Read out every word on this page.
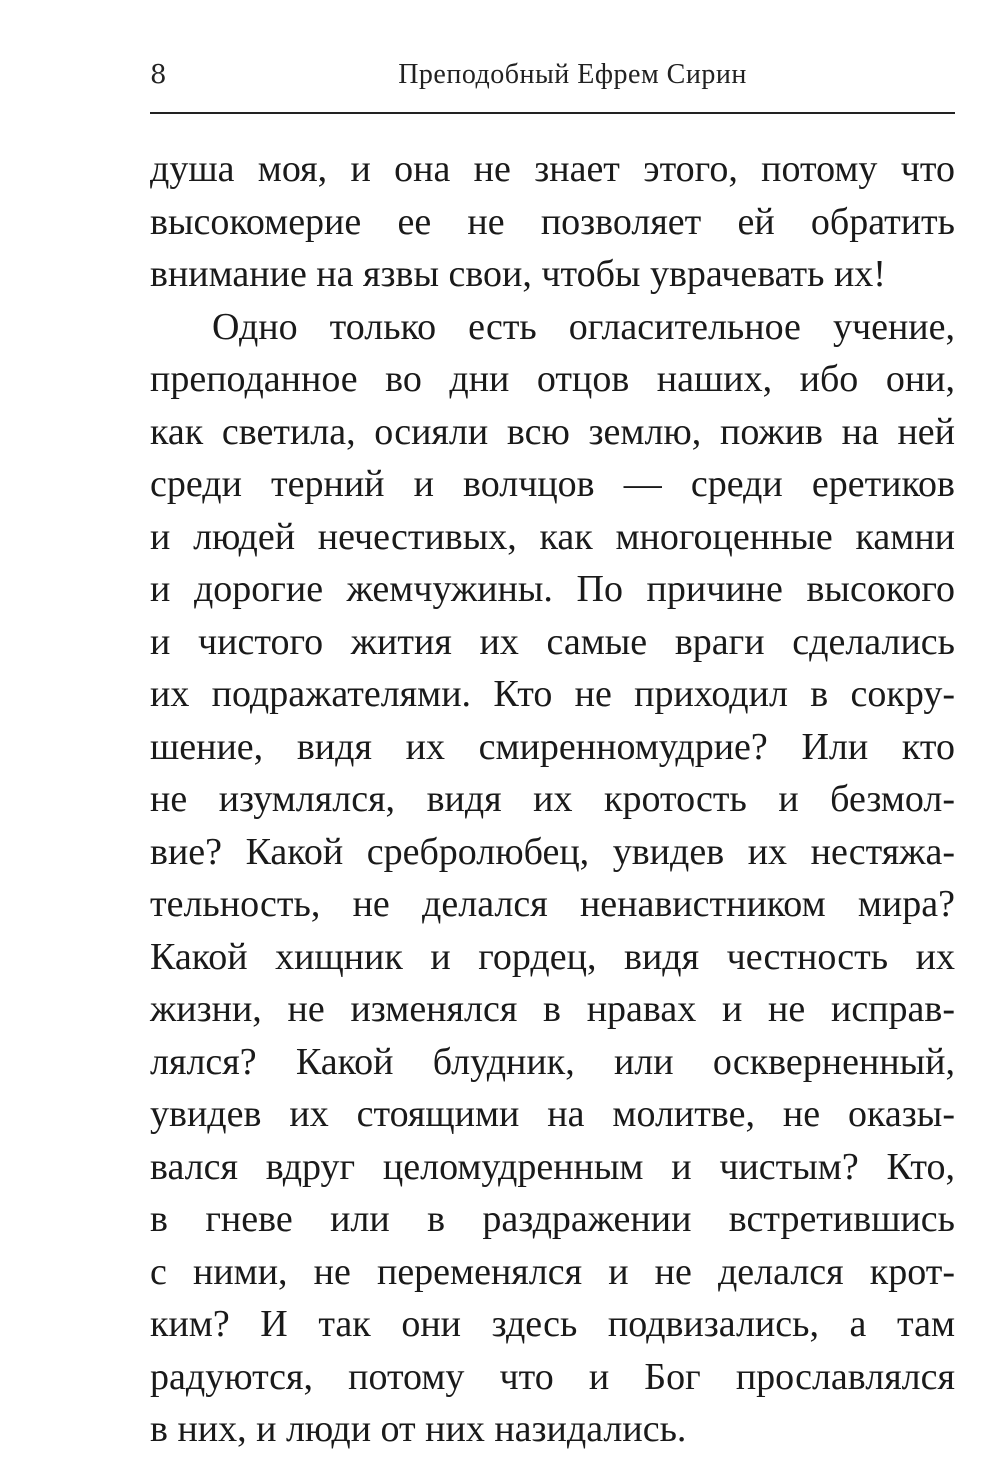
8	Преподобный Ефрем Сирин
душа моя, и она не знает этого, потому что
высокомерие ее не позволяет ей обратить
внимание на язвы свои, чтобы уврачевать их!
Одно только есть огласительное учение,
преподанное во дни отцов наших, ибо они,
как светила, осияли всю землю, пожив на ней
среди терний и волчцов — среди еретиков
и людей нечестивых, как многоценные камни
и дорогие жемчужины. По причине высокого
и чистого жития их самые враги сделались
их подражателями. Кто не приходил в сокру-
шение, видя их смиренномудрие? Или кто
не изумлялся, видя их кротость и безмол-
вие? Какой сребролюбец, увидев их нестяжа-
тельность, не делался ненавистником мира?
Какой хищник и гордец, видя честность их
жизни, не изменялся в нравах и не исправ-
лялся? Какой блудник, или оскверненный,
увидев их стоящими на молитве, не оказы-
вался вдруг целомудренным и чистым? Кто,
в гневе или в раздражении встретившись
с ними, не переменялся и не делался крот-
ким? И так они здесь подвизались, а там
радуются, потому что и Бог прославлялся
в них, и люди от них назидались.
